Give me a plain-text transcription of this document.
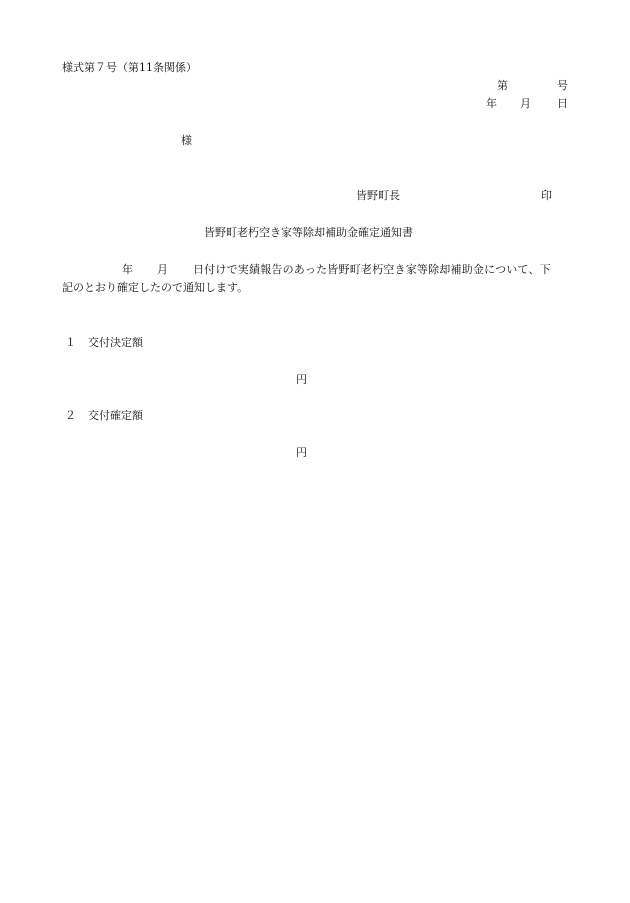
様式第７号（第11条関係）
第	号
年 月 日
様
皆野町長	印
皆野町老朽空き家等除却補助金確定通知書
年 月 日付けで実績報告のあった皆野町老朽空き家等除却補助金について、下
記のとおり確定したので通知します。
１ 交付決定額
円
２ 交付確定額
円
